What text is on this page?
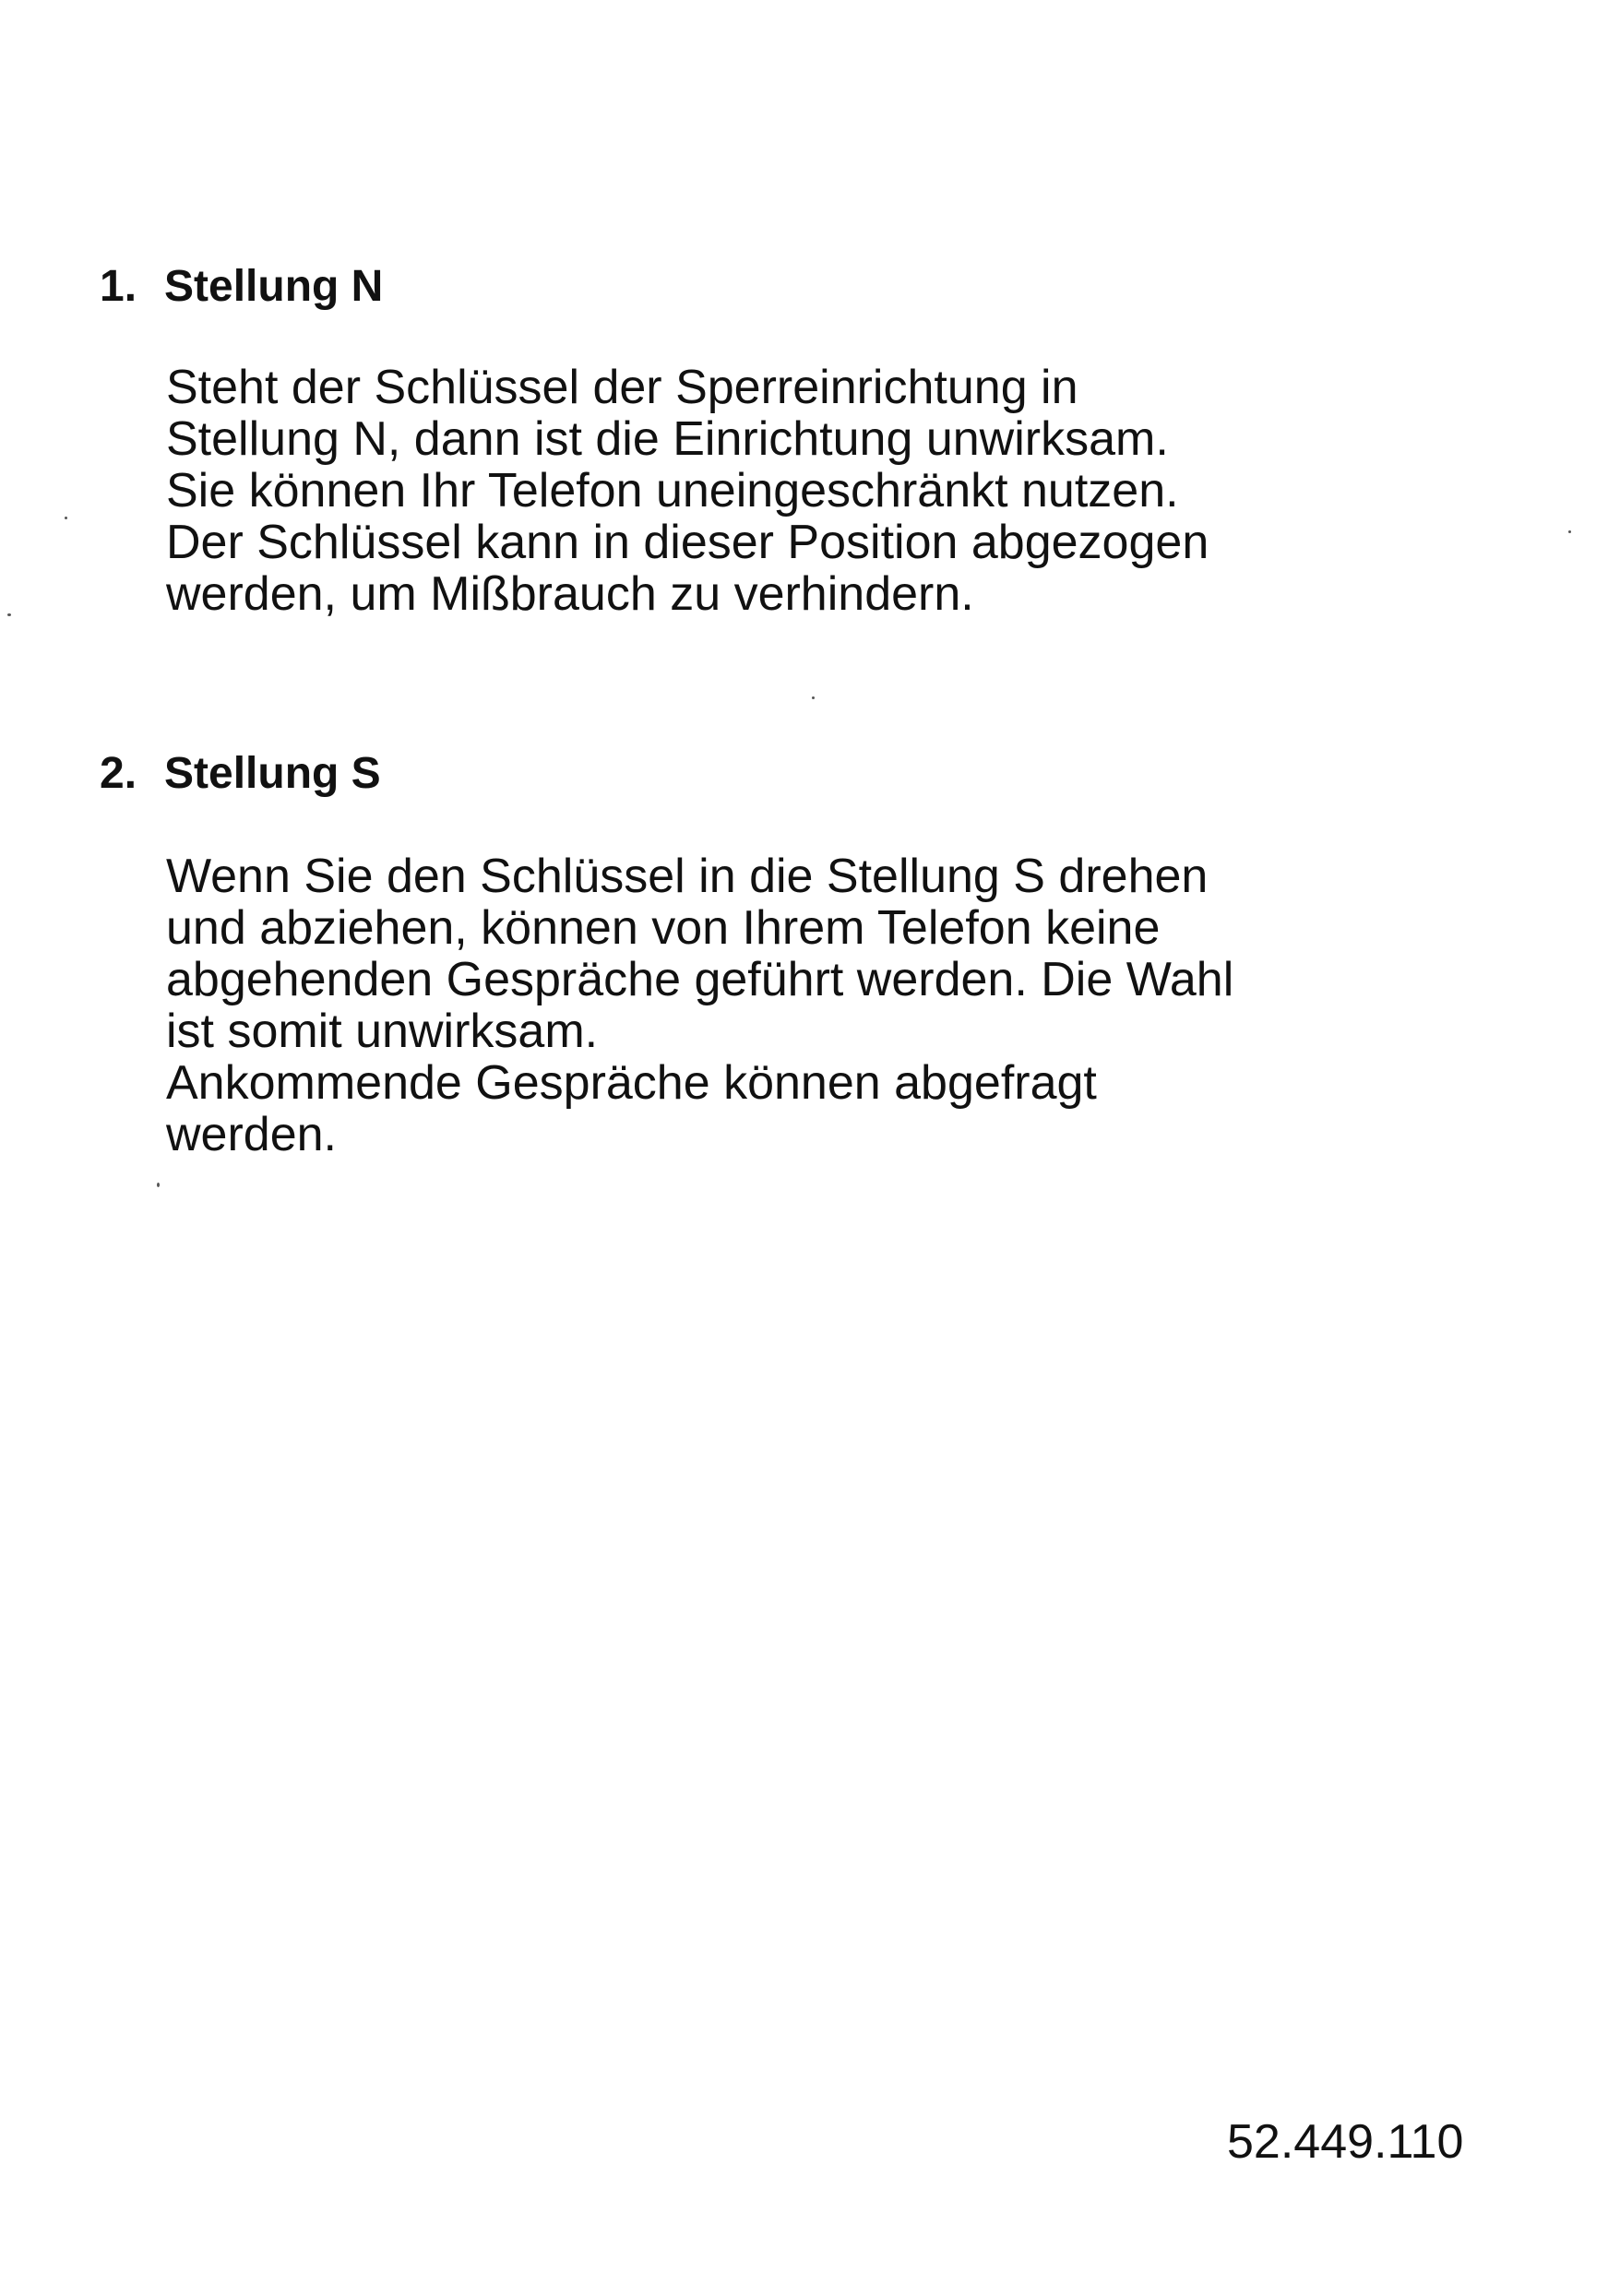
1. Stellung N
Steht der Schlüssel der Sperreinrichtung in
Stellung N, dann ist die Einrichtung unwirksam.
Sie können Ihr Telefon uneingeschränkt nutzen.
Der Schlüssel kann in dieser Position abgezogen
werden, um Mißbrauch zu verhindern.
2. Stellung S
Wenn Sie den Schlüssel in die Stellung S drehen
und abziehen, können von Ihrem Telefon keine
abgehenden Gespräche geführt werden. Die Wahl
ist somit unwirksam.
Ankommende Gespräche können abgefragt
werden.
52.449.110
